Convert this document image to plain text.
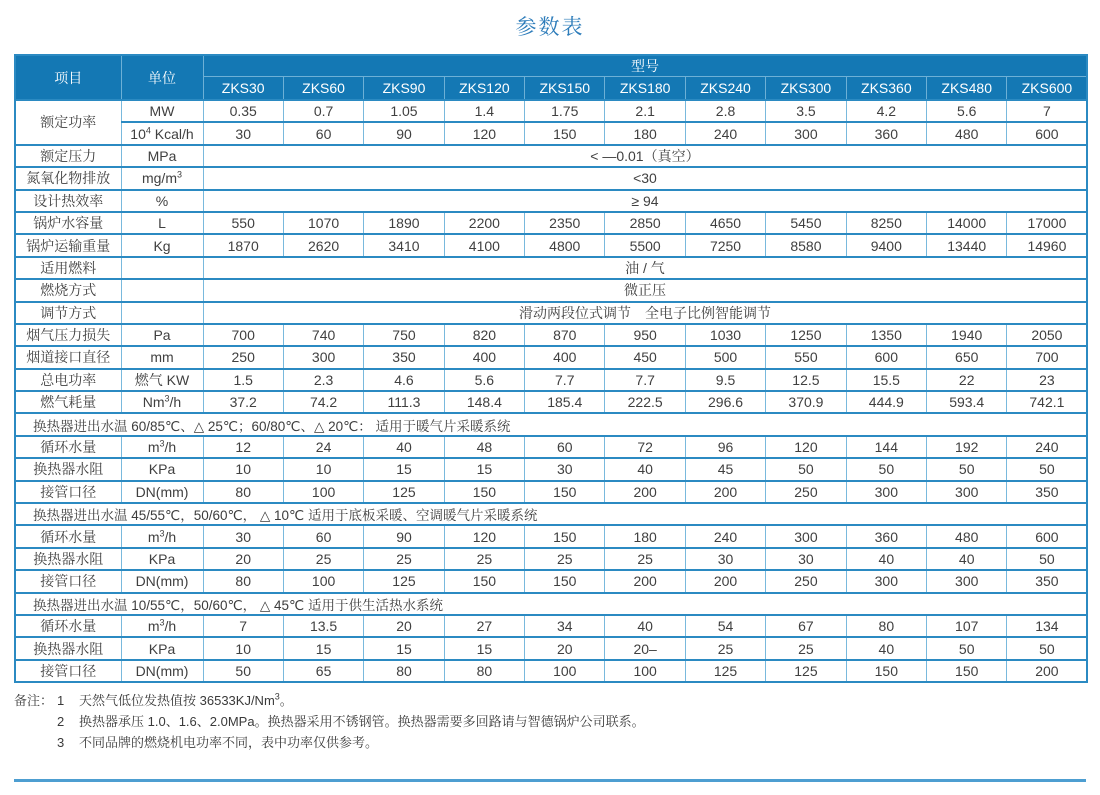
参数表
项目	单位	型号										
		ZKS30	ZKS60	ZKS90	ZKS120	ZKS150	ZKS180	ZKS240	ZKS300	ZKS360	ZKS480	ZKS600
额定功率	MW	0.35	0.7	1.05	1.4	1.75	2.1	2.8	3.5	4.2	5.6	7
	$10^4$ Kcal/h	30	60	90	120	150	180	240	300	360	480	600
额定压力	MPa	< —0.01（真空）										
氮氧化物排放	$mg/m^3$	<30										
设计热效率	%	≥ 94										
锅炉水容量	L	550	1070	1890	2200	2350	2850	4650	5450	8250	14000	17000
锅炉运输重量	Kg	1870	2620	3410	4100	4800	5500	7250	8580	9400	13440	14960
适用燃料		油 / 气										
燃烧方式		微正压										
调节方式		滑动两段位式调节　全电子比例智能调节										
烟气压力损失	Pa	700	740	750	820	870	950	1030	1250	1350	1940	2050
烟道接口直径	mm	250	300	350	400	400	450	500	550	600	650	700
总电功率	燃气 KW	1.5	2.3	4.6	5.6	7.7	7.7	9.5	12.5	15.5	22	23
燃气耗量	Nm$^3$/h	37.2	74.2	111.3	148.4	185.4	222.5	296.6	370.9	444.9	593.4	742.1
换热器进出水温 60/85℃、△ 25℃；60/80℃、△ 20℃： 适用于暖气片采暖系统												
循环水量	$m^3/h$	12	24	40	48	60	72	96	120	144	192	240
换热器水阻	KPa	10	10	15	15	30	40	45	50	50	50	50
接管口径	DN(mm)	80	100	125	150	150	200	200	250	300	300	350
换热器进出水温 45/55℃，50/60℃， △ 10℃ 适用于底板采暖、空调暖气片采暖系统												
循环水量	$m^3/h$	30	60	90	120	150	180	240	300	360	480	600
换热器水阻	KPa	20	25	25	25	25	25	30	30	40	40	50
接管口径	DN(mm)	80	100	125	150	150	200	200	250	300	300	350
换热器进出水温 10/55℃，50/60℃， △ 45℃ 适用于供生活热水系统												
循环水量	$m^3/h$	7	13.5	20	27	34	40	54	67	80	107	134
换热器水阻	KPa	10	15	15	15	20	20–	25	25	40	50	50
接管口径	DN(mm)	50	65	80	80	100	100	125	125	150	150	200
备注： 1	天然气低位发热值按 36533KJ/Nm$^3$。
2	换热器承压 1.0、1.6、2.0MPa。换热器采用不锈钢管。换热器需要多回路请与智德锅炉公司联系。
3	不同品牌的燃烧机电功率不同，表中功率仅供参考。
